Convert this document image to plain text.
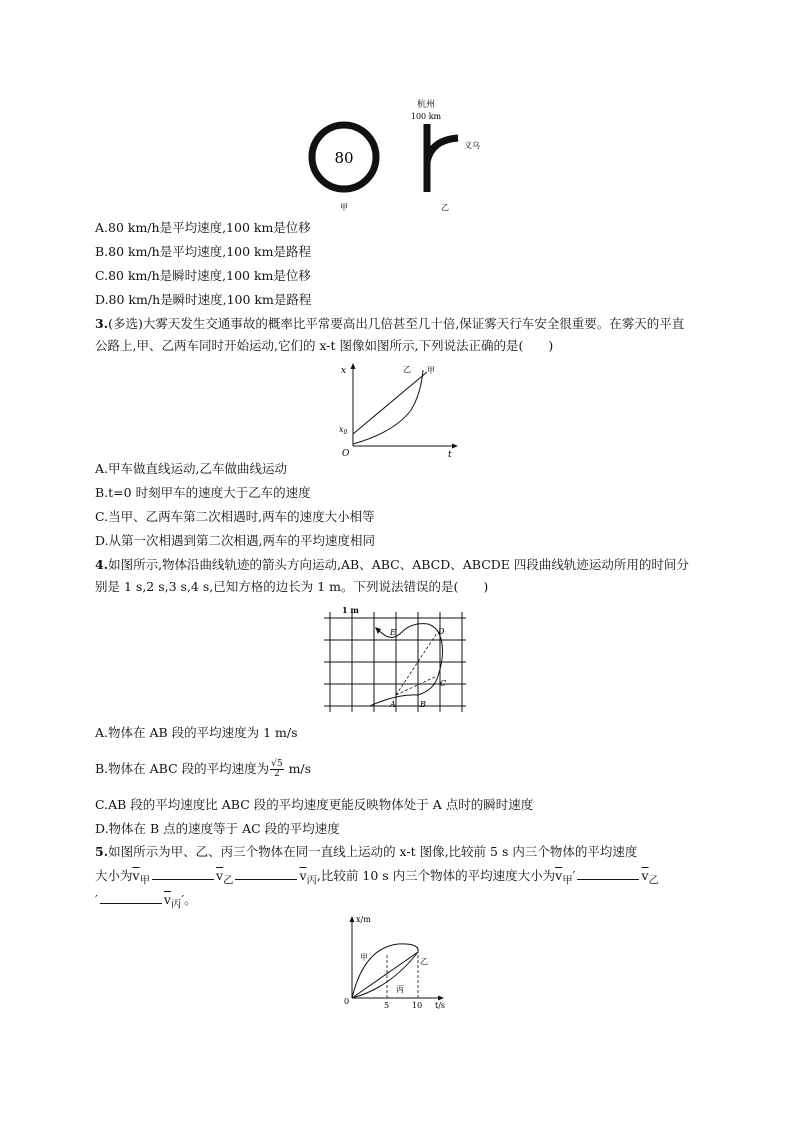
80
甲
杭州
100 km
义乌
乙
A.80 km/h是平均速度,100 km是位移
B.80 km/h是平均速度,100 km是路程
C.80 km/h是瞬时速度,100 km是位移
D.80 km/h是瞬时速度,100 km是路程
3.(多选)大雾天发生交通事故的概率比平常要高出几倍甚至几十倍,保证雾天行车安全很重要。在雾天的平直公路上,甲、乙两车同时开始运动,它们的 x-t 图像如图所示,下列说法正确的是(　　)
x
t
O
$x_0$
乙 甲
A.甲车做直线运动,乙车做曲线运动
B.t=0 时刻甲车的速度大于乙车的速度
C.当甲、乙两车第二次相遇时,两车的速度大小相等
D.从第一次相遇到第二次相遇,两车的平均速度相同
4.如图所示,物体沿曲线轨迹的箭头方向运动,AB、ABC、ABCD、ABCDE 四段曲线轨迹运动所用的时间分别是 1 s,2 s,3 s,4 s,已知方格的边长为 1 m。下列说法错误的是(　　)
1 m
A	B
C
D
E
A.物体在 AB 段的平均速度为 1 m/s
B.物体在 ABC 段的平均速度为 $\frac{√5}{2} m/s$
C.AB 段的平均速度比 ABC 段的平均速度更能反映物体处于 A 点时的瞬时速度
D.物体在 B 点的速度等于 AC 段的平均速度
5.如图所示为甲、乙、丙三个物体在同一直线上运动的 x-t 图像,比较前 5 s 内三个物体的平均速度
大小为$\overline{v}_甲$	$\overline{v}_乙$	$\overline{v}_丙$,比较前 10 s 内三个物体的平均速度大小为$\overline{v}_甲'$	$\overline{v}_乙$
′	$\overline{v}_丙'$。
x/m
t/s
0	5	10
甲	乙
丙
